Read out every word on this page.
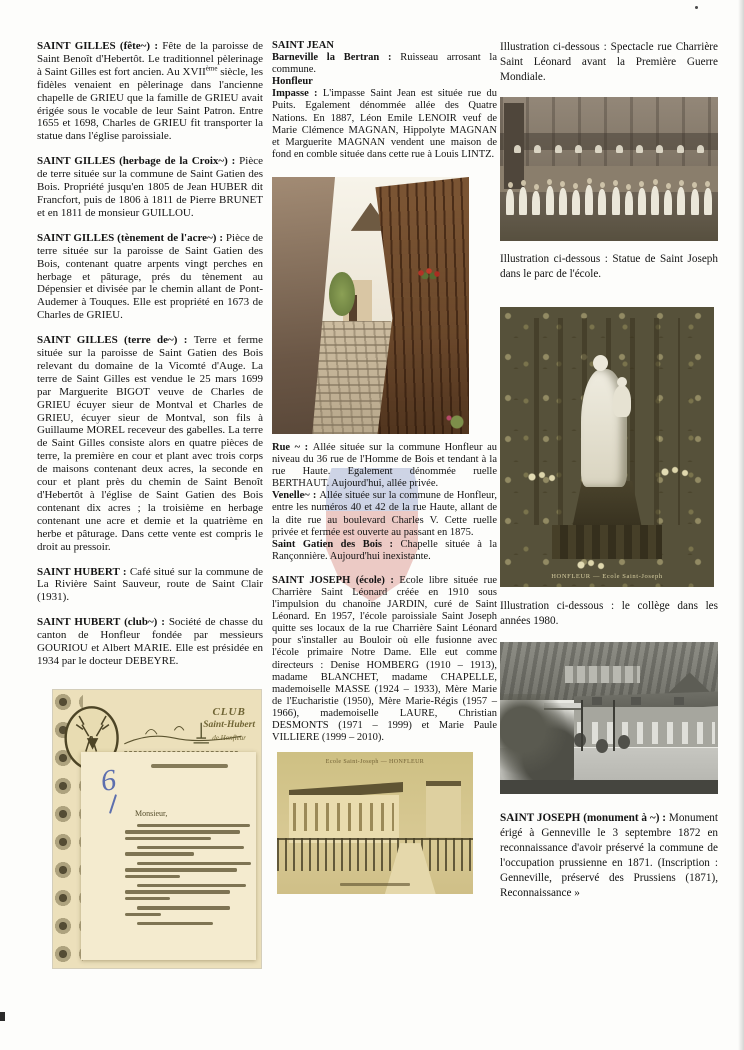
SAINT GILLES (fête~) : Fête de la paroisse de Saint Benoît d'Hebertôt. Le traditionnel pèlerinage à Saint Gilles est fort ancien. Au XVIIème siècle, les fidèles venaient en pèlerinage dans l'ancienne chapelle de GRIEU que la famille de GRIEU avait érigée sous le vocable de leur Saint Patron. Entre 1655 et 1698, Charles de GRIEU fit transporter la statue dans l'église paroissiale.

SAINT GILLES (herbage de la Croix~) : Pièce de terre située sur la commune de Saint Gatien des Bois. Propriété jusqu'en 1805 de Jean HUBER dit Francfort, puis de 1806 à 1811 de Pierre BRUNET et en 1811 de monsieur GUILLOU.

SAINT GILLES (tènement de l'acre~) : Pièce de terre située sur la paroisse de Saint Gatien des Bois, contenant quatre arpents vingt perches en herbage et pâturage, prés du tènement au Dépensier et divisée par le chemin allant de Pont-Audemer à Touques. Elle est propriété en 1673 de Charles de GRIEU.

SAINT GILLES (terre de~) : Terre et ferme située sur la paroisse de Saint Gatien des Bois relevant du domaine de la Vicomté d'Auge. La terre de Saint Gilles est vendue le 25 mars 1699 par Marguerite BIGOT veuve de Charles de GRIEU écuyer sieur de Montval et Charles de GRIEU, écuyer sieur de Montval, son fils à Guillaume MOREL receveur des gabelles. La terre de Saint Gilles consiste alors en quatre pièces de terre, la première en cour et plant avec trois corps de maisons contenant deux acres, la seconde en cour et plant près du chemin de Saint Benoît d'Hebertôt à l'église de Saint Gatien des Bois contenant dix acres ; la troisième en herbage contenant une acre et demie et la quatrième en herbe et pâturage. Dans cette vente est compris le droit au pressoir.

SAINT HUBERT : Café situé sur la commune de La Rivière Saint Sauveur, route de Saint Clair (1931).

SAINT HUBERT (club~) : Société de chasse du canton de Honfleur fondée par messieurs GOURIOU et Albert MARIE. Elle est présidée en 1934 par le docteur DEBEYRE.

CLUB
Saint-Hubert
de Honfleur
6
Monsieur,

SAINT JEAN

Barneville la Bertran : Ruisseau arrosant la commune.

Honfleur

Impasse : L'impasse Saint Jean est située rue du Puits. Egalement dénommée allée des Quatre Nations. En 1887, Léon Emile LENOIR veuf de Marie Clémence MAGNAN, Hippolyte MAGNAN et Marguerite MAGNAN vendent une maison de fond en comble située dans cette rue à Louis LINTZ.

Rue ~ : Allée située sur la commune Honfleur au niveau du 36 rue de l'Homme de Bois et tendant à la rue Haute. Egalement dénommée ruelle BERTHAUT. Aujourd'hui, allée privée.

Venelle~ : Allée située sur la commune de Honfleur, entre les numéros 40 et 42 de la rue Haute, allant de la dite rue au boulevard Charles V. Cette ruelle privée et fermée est ouverte au passant en 1875.

Saint Gatien des Bois : Chapelle située à la Rançonnière. Aujourd'hui inexistante.

SAINT JOSEPH (école) : Ecole libre située rue Charrière Saint Léonard créée en 1910 sous l'impulsion du chanoine JARDIN, curé de Saint Léonard. En 1957, l'école paroissiale Saint Joseph quitte ses locaux de la rue Charrière Saint Léonard pour s'installer au Bouloir où elle fusionne avec l'école primaire Notre Dame. Elle eut comme directeurs : Denise HOMBERG (1910 – 1913), madame BLANCHET, madame CHAPELLE, mademoiselle MASSE (1924 – 1933), Mère Marie de l'Eucharistie (1950), Mère Marie-Régis (1957 – 1966), mademoiselle LAURE, Christian DESMONTS (1971 – 1999) et Marie Paule VILLIERE (1999 – 2010).

Ecole Saint-Joseph — HONFLEUR

Illustration ci-dessous : Spectacle rue Charrière Saint Léonard avant la Première Guerre Mondiale.

Illustration ci-dessous : Statue de Saint Joseph dans le parc de l'école.

HONFLEUR — Ecole Saint-Joseph

Illustration ci-dessous : le collège dans les années 1980.

SAINT JOSEPH (monument à ~) : Monument érigé à Genneville le 3 septembre 1872 en reconnaissance d'avoir préservé la commune de l'occupation prussienne en 1871. (Inscription : Genneville, préservé des Prussiens (1871), Reconnaissance »
